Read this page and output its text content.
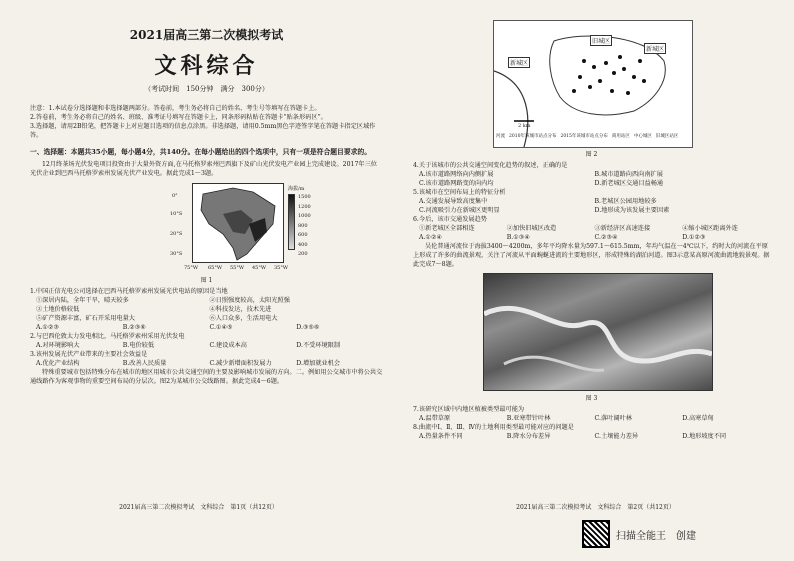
2021届高三第二次模拟考试
文科综合
（考试时间　150分钟　满分　300分）

注意：1.本试卷分选择题和非选择题两部分。答卷前，考生务必将自己的姓名、考生号等填写在答题卡上。

2.答卷前，考生务必将自己的姓名、班级、准考证号填写在答题卡上，同条形码粘贴在答题卡“贴条形码区”。

3.选择题，请用2B铅笔，把答题卡上对应题目选项的信息点涂黑。非选择题，请用0.5mm黑色字迹签字笔在答题卡指定区域作答。

一、选择题：本题共35小题，每小题4分，共140分。在每小题给出的四个选项中，只有一项是符合题目要求的。
12月终茶场光伏发电项目投资由于大量外资方面,在马托格罗索州巴西旗下及矿山光伏发电产业园上完成建设。2017年三位光伏企业到巴西马托格罗索州发展光伏产业发电。据此完成1～3题。
0°
10°S
20°S
30°S
海拔/m
1500
1200
1000
800
600
400
200
75°W 65°W 55°W 45°W 35°W
图 1
1.中国正信光电公司选择在巴西马托格罗索州发展光伏电站的原因是当地
①深居内陆，全年干旱，晴天较多	②日照强度较高，太阳光照强
③土地价格较低	④科技发达，技术先进
⑤矿产资源丰富，矿石开采用电量大	⑥人口众多，生活用电大
A.①②③	B.②③⑥	C.①④⑤	D.③⑤⑥
2.与巴西伦敦太力发电相比，马托格罗索州采用光伏发电
A.对环境影响大	B.电价较低	C.建设成本高	D.不受环境限制
3.该州发展光伏产业带来的主要社会效益是
A.优化产业结构	B.改善人民质量	C.减少新增面积发展力	D.增加就业机会
特殊重要城市包括特殊分布在城市的地区用城市公共交通空间的主要及影响城市发展的方向。二。例如用公交城市中将公共交通线路作为客观事物的重要空间布局的分层次。图2为某城市公交线路图。据此完成4～6题。
2021届高三第二次模拟考试　文科综合　第1页（共12页）
新城区
新城区
旧城区
2 km
河流 2010年该城市站点分布 2015年该城市站点分布 商用站区 中心城区 旧城区站区
图 2
4.关于该城市的公共交通空间变化趋势的叙述，正确的是
A.该市道路网络向内侧扩展	B.城市道路向西向南扩展
C.该市道路网路变的向内均	D.新老城区交通目益畅通
5.该城市在空间布局上的特征分析
A.交通发展导致高度集中	B.老城区公园用地较多
C.河流吸引力在新城区更明显	D.地形成为该发展主要因素
6.今后，该市交通发展趋势
①新老城区全部相连	②加快旧城区改造	③新经济区高速连接	④缩小城区距离外连
A.①②④	B.①③④	C.②③④	D.①②③
吴伦普通河流位于海拔3400～4200m，多年平均降水量为597.1～615.5mm，年均气温在一4℃以下，约时大的河流在平原上形成了许多的曲流景观，关注了河流从平面蜿蜒进流的主要地形区，形成特殊的湖泊河道。图3示意某高原河流曲流地貌景观。据此完成7～8题。
图 3
7.该研究区域中内地区植被类型最可能为
A.温带草原	B.亚寒带针叶林	C.落叶阔叶林	D.高寒草甸
8.曲流中Ⅰ、Ⅱ、Ⅲ、Ⅳ的土地利用类型最可能对应的问题是
A.热量条件不同	B.降水分布差异	C.土壤能力差异	D.地形坡度不同
2021届高三第二次模拟考试　文科综合　第2页（共12页）
扫描全能王　创建
